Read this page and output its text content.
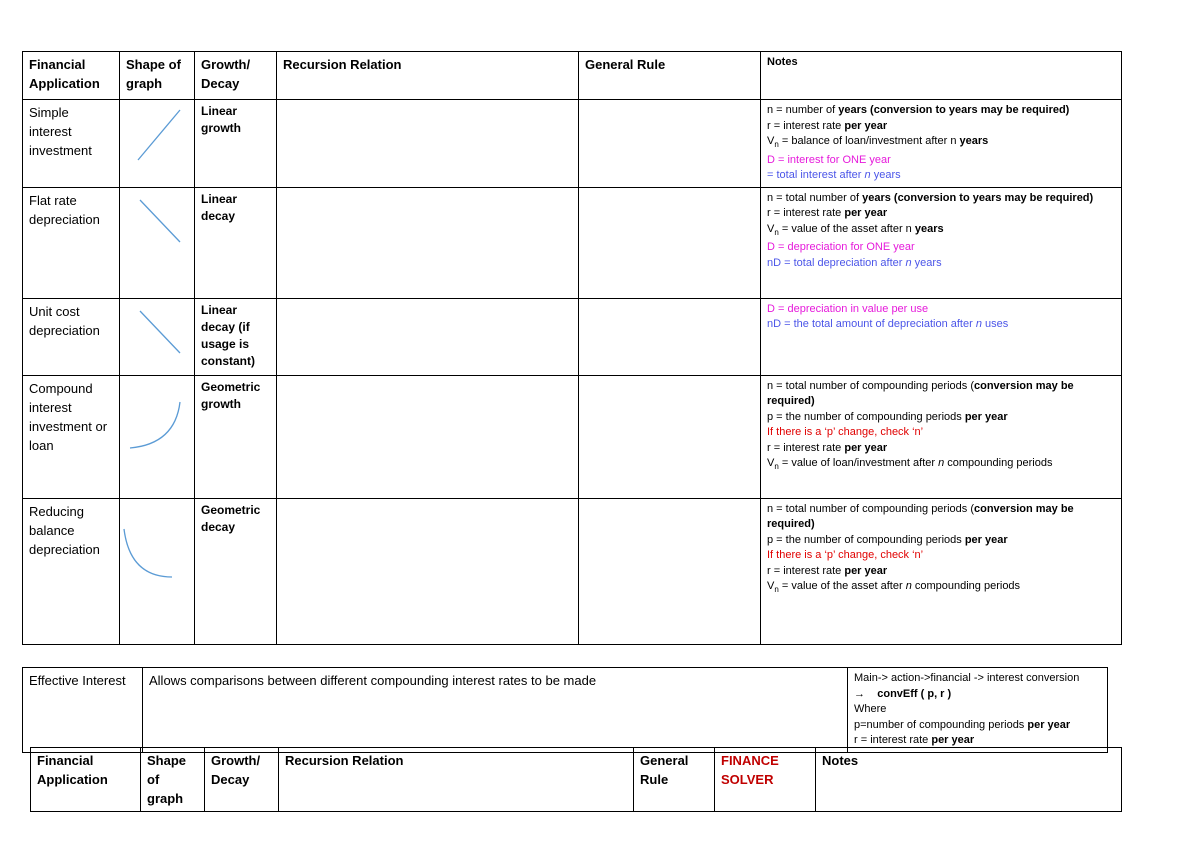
Financial Application	Shape of graph	Growth/ Decay	Recursion Relation	General Rule	Notes
Simple interest investment		Linear growth			n = number of years (conversion to years may be required)
r = interest rate per year
$V_n$ = balance of loan/investment after n years
D = interest for ONE year
= total interest after n years

Flat rate depreciation		Linear decay			n = total number of years (conversion to years may be required)
r = interest rate per year
$V_n$ = value of the asset after n years
D = depreciation for ONE year
nD = total depreciation after n years

Unit cost depreciation		Linear decay (if usage is constant)			D = depreciation in value per use
nD = the total amount of depreciation after n uses

Compound interest investment or loan		Geometric growth			n = total number of compounding periods (conversion may be required)
p = the number of compounding periods per year
If there is a ‘p’ change, check ‘n’
r = interest rate per year
$V_n$ = value of loan/investment after n compounding periods

Reducing balance depreciation		Geometric decay			n = total number of compounding periods (conversion may be required)
p = the number of compounding periods per year
If there is a ‘p’ change, check ‘n’
r = interest rate per year
$V_n$ = value of the asset after n compounding periods
Effective Interest	Allows comparisons between different compounding interest rates to be made	Main-> action->financial -> interest conversion
→ convEff ( p, r )
Where
p=number of compounding periods per year
r = interest rate per year
Financial Application	Shape of graph	Growth/ Decay	Recursion Relation	General Rule	FINANCE SOLVER	Notes
